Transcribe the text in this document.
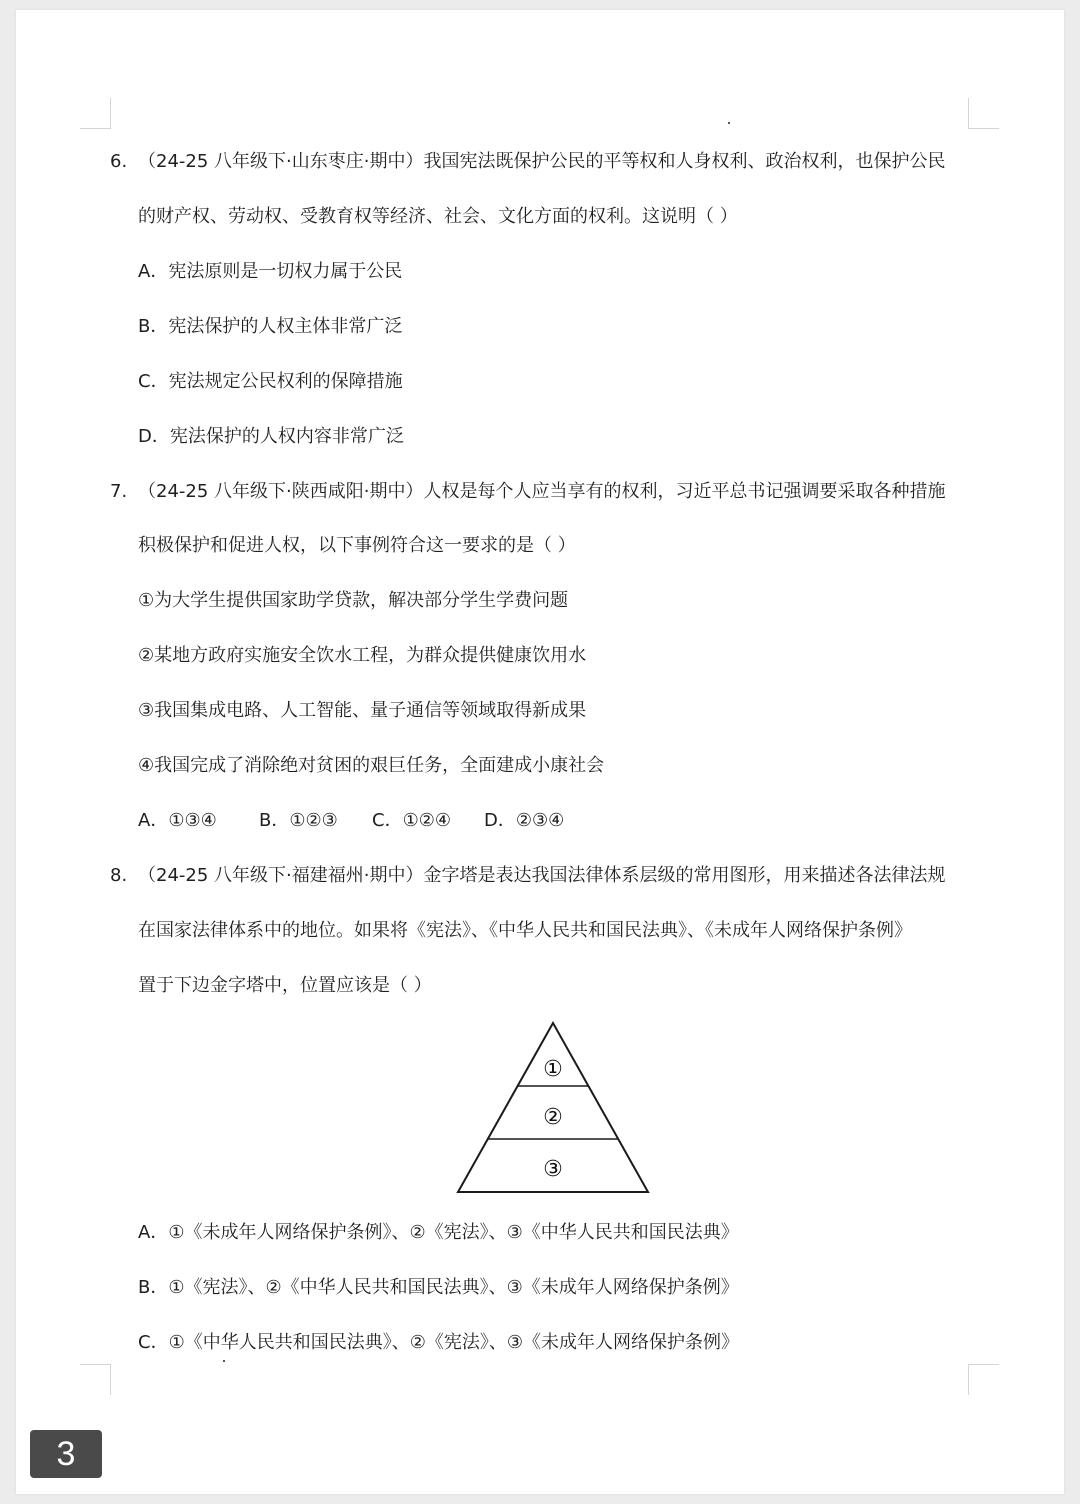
6. （24-25 八年级下·山东枣庄·期中）我国宪法既保护公民的平等权和人身权利、政治权利，也保护公民
的财产权、劳动权、受教育权等经济、社会、文化方面的权利。这说明（ ）
A．宪法原则是一切权力属于公民
B．宪法保护的人权主体非常广泛
C．宪法规定公民权利的保障措施
D．宪法保护的人权内容非常广泛
7. （24-25 八年级下·陕西咸阳·期中）人权是每个人应当享有的权利，习近平总书记强调要采取各种措施
积极保护和促进人权，以下事例符合这一要求的是（ ）
①为大学生提供国家助学贷款，解决部分学生学费问题
②某地方政府实施安全饮水工程，为群众提供健康饮用水
③我国集成电路、人工智能、量子通信等领域取得新成果
④我国完成了消除绝对贫困的艰巨任务，全面建成小康社会
A．①③④ B．①②③ C．①②④ D．②③④
8. （24-25 八年级下·福建福州·期中）金字塔是表达我国法律体系层级的常用图形，用来描述各法律法规
在国家法律体系中的地位。如果将《宪法》、《中华人民共和国民法典》、《未成年人网络保护条例》
置于下边金字塔中，位置应该是（ ）
①
②
③
A．①《未成年人网络保护条例》、②《宪法》、③《中华人民共和国民法典》
B．①《宪法》、②《中华人民共和国民法典》、③《未成年人网络保护条例》
C．①《中华人民共和国民法典》、②《宪法》、③《未成年人网络保护条例》
3
